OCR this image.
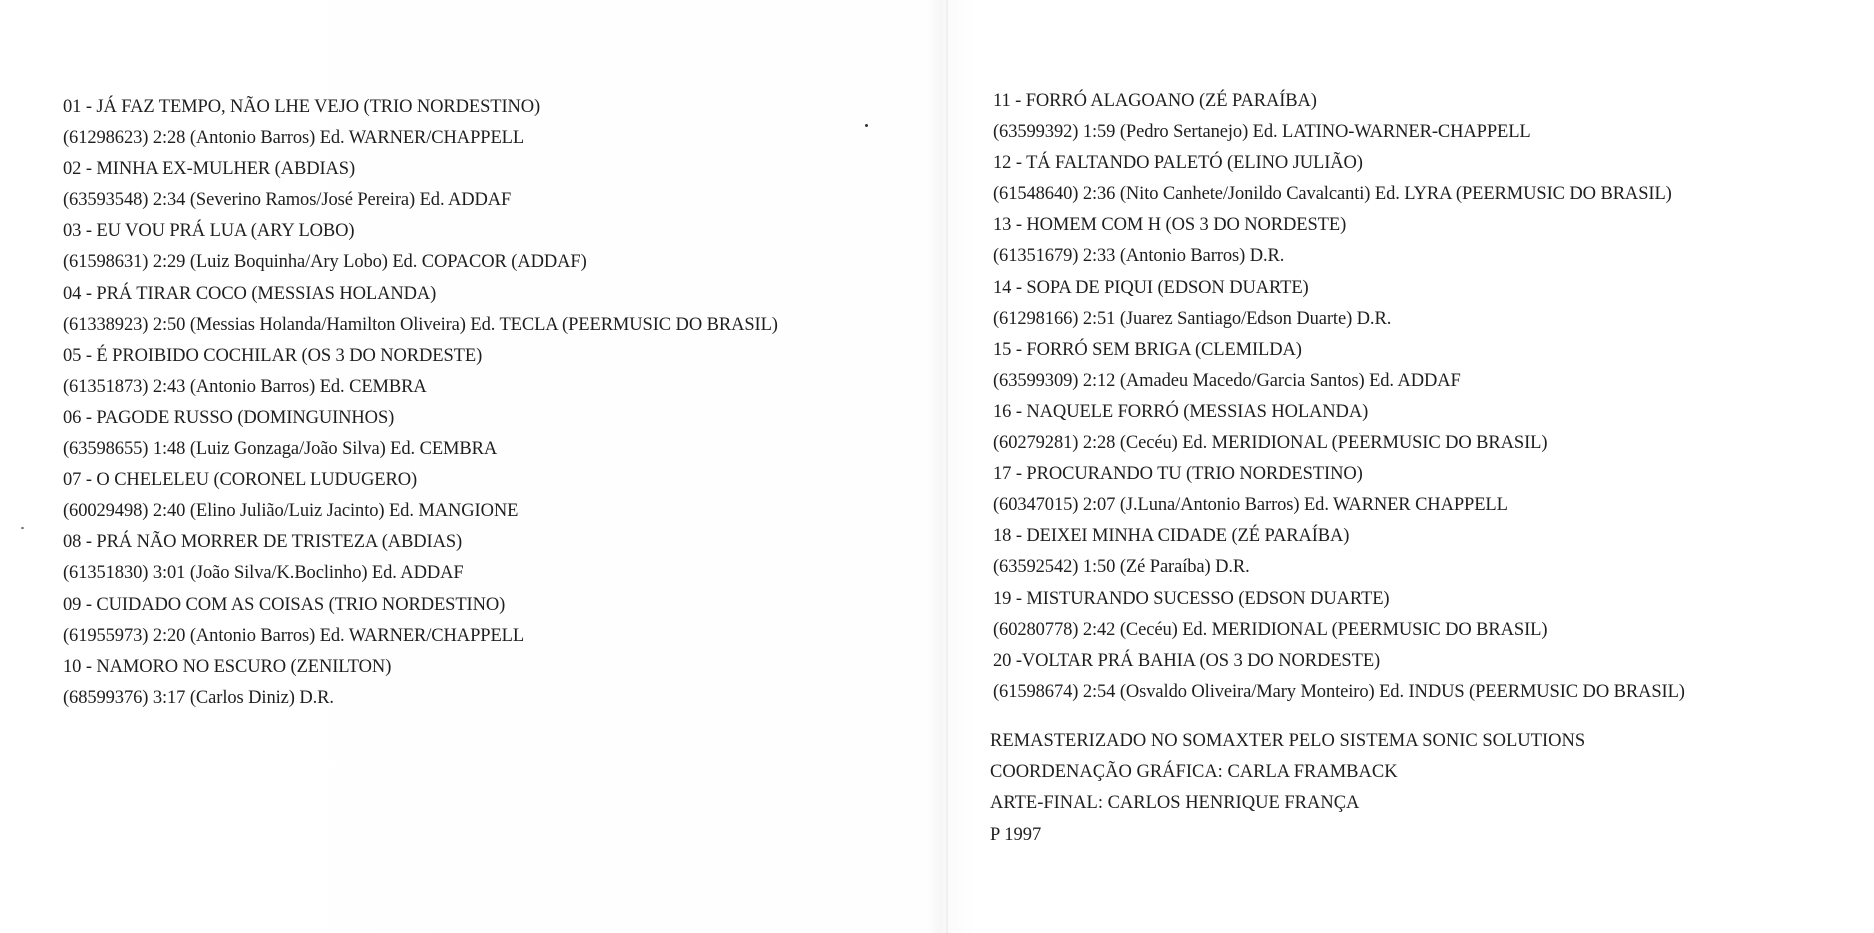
01 - JÁ FAZ TEMPO, NÃO LHE VEJO (TRIO NORDESTINO)
(61298623) 2:28 (Antonio Barros) Ed. WARNER/CHAPPELL
02 - MINHA EX-MULHER (ABDIAS)
(63593548) 2:34 (Severino Ramos/José Pereira) Ed. ADDAF
03 - EU VOU PRÁ LUA (ARY LOBO)
(61598631) 2:29 (Luiz Boquinha/Ary Lobo) Ed. COPACOR (ADDAF)
04 - PRÁ TIRAR COCO (MESSIAS HOLANDA)
(61338923) 2:50 (Messias Holanda/Hamilton Oliveira) Ed. TECLA (PEERMUSIC DO BRASIL)
05 - É PROIBIDO COCHILAR (OS 3 DO NORDESTE)
(61351873) 2:43 (Antonio Barros) Ed. CEMBRA
06 - PAGODE RUSSO (DOMINGUINHOS)
(63598655) 1:48 (Luiz Gonzaga/João Silva) Ed. CEMBRA
07 - O CHELELEU (CORONEL LUDUGERO)
(60029498) 2:40 (Elino Julião/Luiz Jacinto) Ed. MANGIONE
08 - PRÁ NÃO MORRER DE TRISTEZA (ABDIAS)
(61351830) 3:01 (João Silva/K.Boclinho) Ed. ADDAF
09 - CUIDADO COM AS COISAS (TRIO NORDESTINO)
(61955973) 2:20 (Antonio Barros) Ed. WARNER/CHAPPELL
10 - NAMORO NO ESCURO (ZENILTON)
(68599376) 3:17 (Carlos Diniz) D.R.
11 - FORRÓ ALAGOANO (ZÉ PARAÍBA)
(63599392) 1:59 (Pedro Sertanejo) Ed. LATINO-WARNER-CHAPPELL
12 - TÁ FALTANDO PALETÓ (ELINO JULIÃO)
(61548640) 2:36 (Nito Canhete/Jonildo Cavalcanti) Ed. LYRA (PEERMUSIC DO BRASIL)
13 - HOMEM COM H (OS 3 DO NORDESTE)
(61351679) 2:33 (Antonio Barros) D.R.
14 - SOPA DE PIQUI (EDSON DUARTE)
(61298166) 2:51 (Juarez Santiago/Edson Duarte) D.R.
15 - FORRÓ SEM BRIGA (CLEMILDA)
(63599309) 2:12 (Amadeu Macedo/Garcia Santos) Ed. ADDAF
16 - NAQUELE FORRÓ (MESSIAS HOLANDA)
(60279281) 2:28 (Cecéu) Ed. MERIDIONAL (PEERMUSIC DO BRASIL)
17 - PROCURANDO TU (TRIO NORDESTINO)
(60347015) 2:07 (J.Luna/Antonio Barros) Ed. WARNER CHAPPELL
18 - DEIXEI MINHA CIDADE (ZÉ PARAÍBA)
(63592542) 1:50 (Zé Paraíba) D.R.
19 - MISTURANDO SUCESSO (EDSON DUARTE)
(60280778) 2:42 (Cecéu) Ed. MERIDIONAL (PEERMUSIC DO BRASIL)
20 -VOLTAR PRÁ BAHIA (OS 3 DO NORDESTE)
(61598674) 2:54 (Osvaldo Oliveira/Mary Monteiro) Ed. INDUS (PEERMUSIC DO BRASIL)
REMASTERIZADO NO SOMAXTER PELO SISTEMA SONIC SOLUTIONS
COORDENAÇÃO GRÁFICA: CARLA FRAMBACK
ARTE-FINAL: CARLOS HENRIQUE FRANÇA
P 1997
